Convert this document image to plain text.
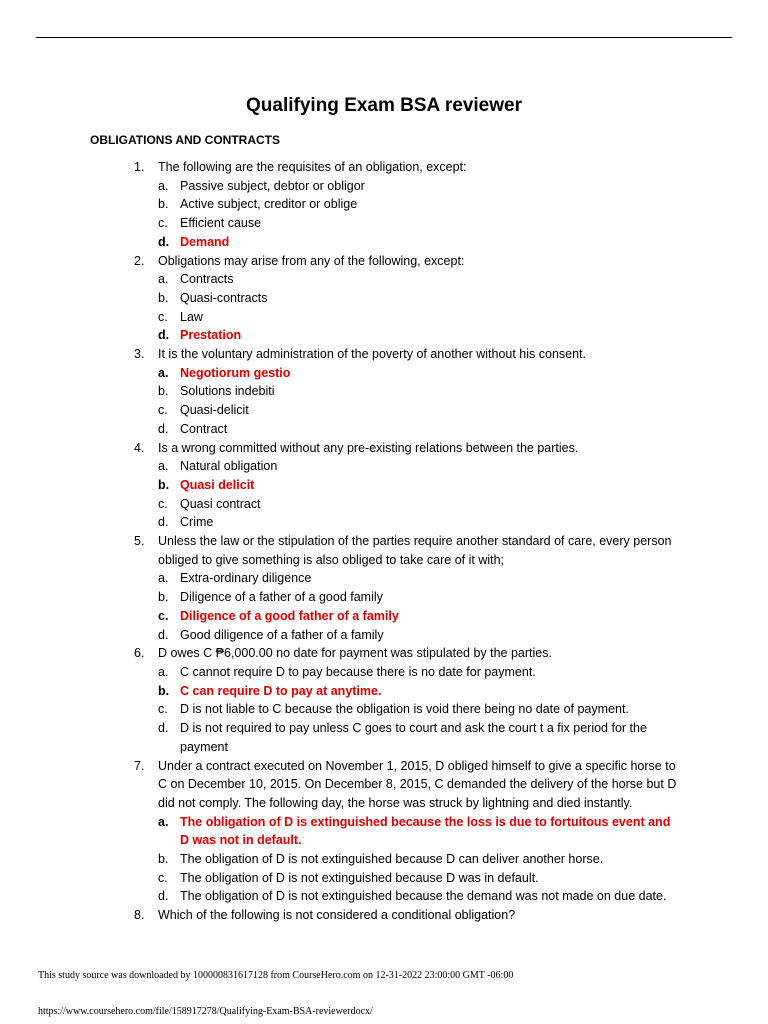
Qualifying Exam BSA reviewer
OBLIGATIONS AND CONTRACTS
1.	The following are the requisites of an obligation, except:
a. Passive subject, debtor or obligor
b. Active subject, creditor or oblige
c. Efficient cause
d. Demand
2.	Obligations may arise from any of the following, except:
a. Contracts
b. Quasi-contracts
c. Law
d. Prestation
3.	It is the voluntary administration of the poverty of another without his consent.
a. Negotiorum gestio
b. Solutions indebiti
c. Quasi-delicit
d. Contract
4.	Is a wrong committed without any pre-existing relations between the parties.
a. Natural obligation
b. Quasi delicit
c. Quasi contract
d. Crime
5.	Unless the law or the stipulation of the parties require another standard of care, every person obliged to give something is also obliged to take care of it with;
a. Extra-ordinary diligence
b. Diligence of a father of a good family
c. Diligence of a good father of a family
d. Good diligence of a father of a family
6.	D owes C ₱6,000.00 no date for payment was stipulated by the parties.
a. C cannot require D to pay because there is no date for payment.
b. C can require D to pay at anytime.
c. D is not liable to C because the obligation is void there being no date of payment.
d. D is not required to pay unless C goes to court and ask the court t a fix period for the payment
7.	Under a contract executed on November 1, 2015, D obliged himself to give a specific horse to C on December 10, 2015. On December 8, 2015, C demanded the delivery of the horse but D did not comply. The following day, the horse was struck by lightning and died instantly.
a. The obligation of D is extinguished because the loss is due to fortuitous event and D was not in default.
b. The obligation of D is not extinguished because D can deliver another horse.
c. The obligation of D is not extinguished because D was in default.
d. The obligation of D is not extinguished because the demand was not made on due date.
8.	Which of the following is not considered a conditional obligation?
This study source was downloaded by 100000831617128 from CourseHero.com on 12-31-2022 23:00:00 GMT -06:00
https://www.coursehero.com/file/158917278/Qualifying-Exam-BSA-reviewerdocx/
